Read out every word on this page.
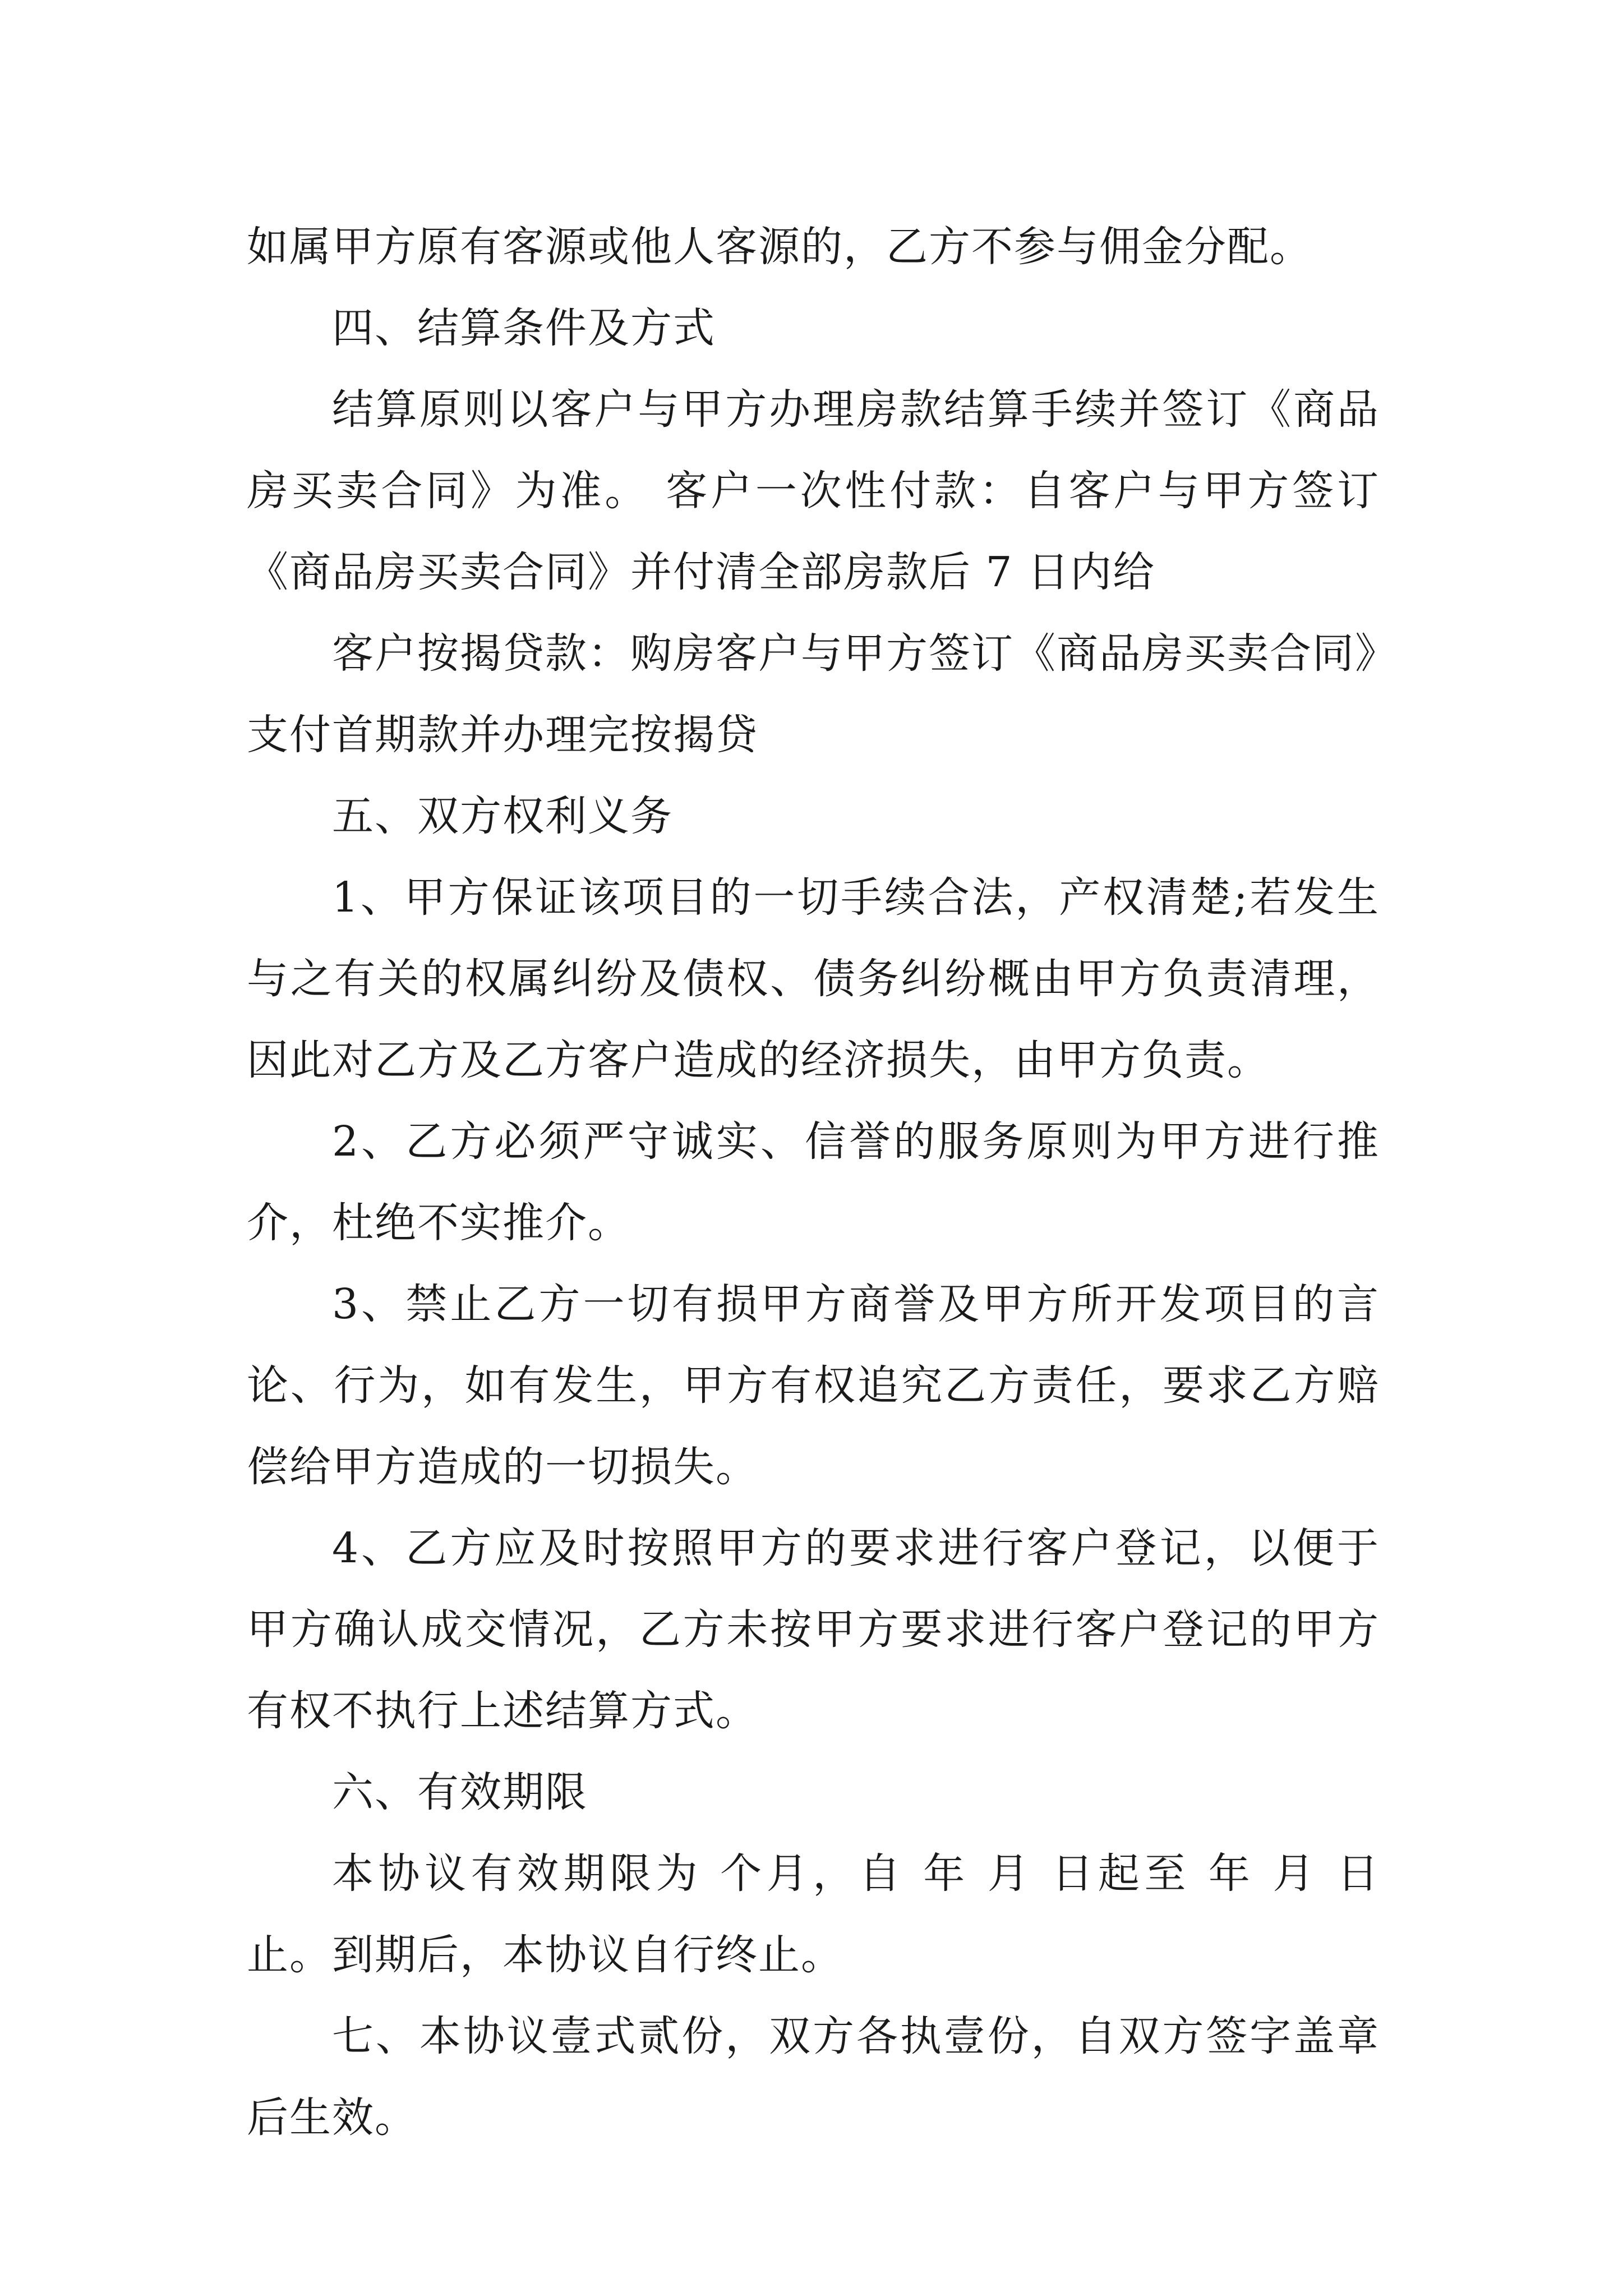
如属甲方原有客源或他人客源的，乙方不参与佣金分配。
四、结算条件及方式
结算原则以客户与甲方办理房款结算手续并签订《商品
房买卖合同》为准。 客户一次性付款：自客户与甲方签订
《商品房买卖合同》并付清全部房款后 7 日内给
客户按揭贷款：购房客户与甲方签订《商品房买卖合同》
支付首期款并办理完按揭贷
五、双方权利义务
1、甲方保证该项目的一切手续合法，产权清楚;若发生
与之有关的权属纠纷及债权、债务纠纷概由甲方负责清理，
因此对乙方及乙方客户造成的经济损失，由甲方负责。
2、乙方必须严守诚实、信誉的服务原则为甲方进行推
介，杜绝不实推介。
3、禁止乙方一切有损甲方商誉及甲方所开发项目的言
论、行为，如有发生，甲方有权追究乙方责任，要求乙方赔
偿给甲方造成的一切损失。
4、乙方应及时按照甲方的要求进行客户登记，以便于
甲方确认成交情况，乙方未按甲方要求进行客户登记的甲方
有权不执行上述结算方式。
六、有效期限
本协议有效期限为 个月，自 年 月 日起至 年 月 日
止。到期后，本协议自行终止。
七、本协议壹式贰份，双方各执壹份，自双方签字盖章
后生效。
